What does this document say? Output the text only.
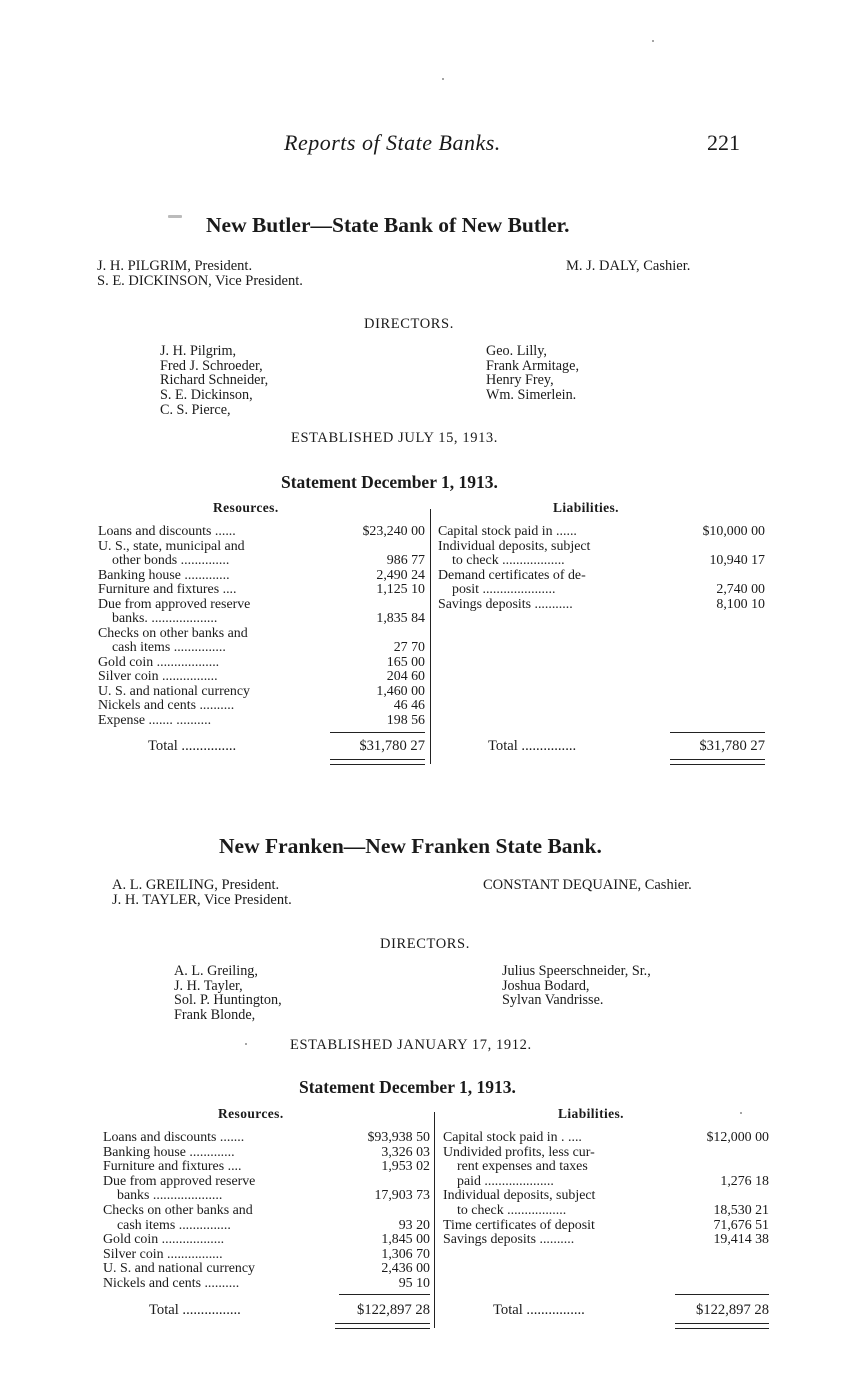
Reports of State Banks.	221
New Butler—State Bank of New Butler.
J. H. PILGRIM, President.
S. E. DICKINSON, Vice President.
M. J. DALY, Cashier.
DIRECTORS.
J. H. Pilgrim,
Fred J. Schroeder,
Richard Schneider,
S. E. Dickinson,
C. S. Pierce,
Geo. Lilly,
Frank Armitage,
Henry Frey,
Wm. Simerlein.
ESTABLISHED JULY 15, 1913.
Statement December 1, 1913.
Resources.	Liabilities.
Loans and discounts ......	$23,240 00
U. S., state, municipal and
other bonds ..............	986 77
Banking house .............	2,490 24
Furniture and fixtures ....	1,125 10
Due from approved reserve
banks. ...................	1,835 84
Checks on other banks and
cash items ...............	27 70
Gold coin ..................	165 00
Silver coin ................	204 60
U. S. and national currency	1,460 00
Nickels and cents ..........	46 46
Expense ....... ..........	198 56
Total ...............	$31,780 27
Capital stock paid in ......	$10,000 00
Individual deposits, subject
to check ..................	10,940 17
Demand certificates of de-
posit .....................	2,740 00
Savings deposits ...........	8,100 10
Total ...............	$31,780 27
New Franken—New Franken State Bank.
A. L. GREILING, President.
J. H. TAYLER, Vice President.
CONSTANT DEQUAINE, Cashier.
DIRECTORS.
A. L. Greiling,
J. H. Tayler,
Sol. P. Huntington,
Frank Blonde,
Julius Speerschneider, Sr.,
Joshua Bodard,
Sylvan Vandrisse.
ESTABLISHED JANUARY 17, 1912.
Statement December 1, 1913.
Resources.	Liabilities.
Loans and discounts .......	$93,938 50
Banking house .............	3,326 03
Furniture and fixtures ....	1,953 02
Due from approved reserve
banks ....................	17,903 73
Checks on other banks and
cash items ...............	93 20
Gold coin ..................	1,845 00
Silver coin ................	1,306 70
U. S. and national currency	2,436 00
Nickels and cents ..........	95 10
Total ................	$122,897 28
Capital stock paid in . ....	$12,000 00
Undivided profits, less cur-
rent expenses and taxes
paid ....................	1,276 18
Individual deposits, subject
to check .................	18,530 21
Time certificates of deposit	71,676 51
Savings deposits ..........	19,414 38
Total ................	$122,897 28
